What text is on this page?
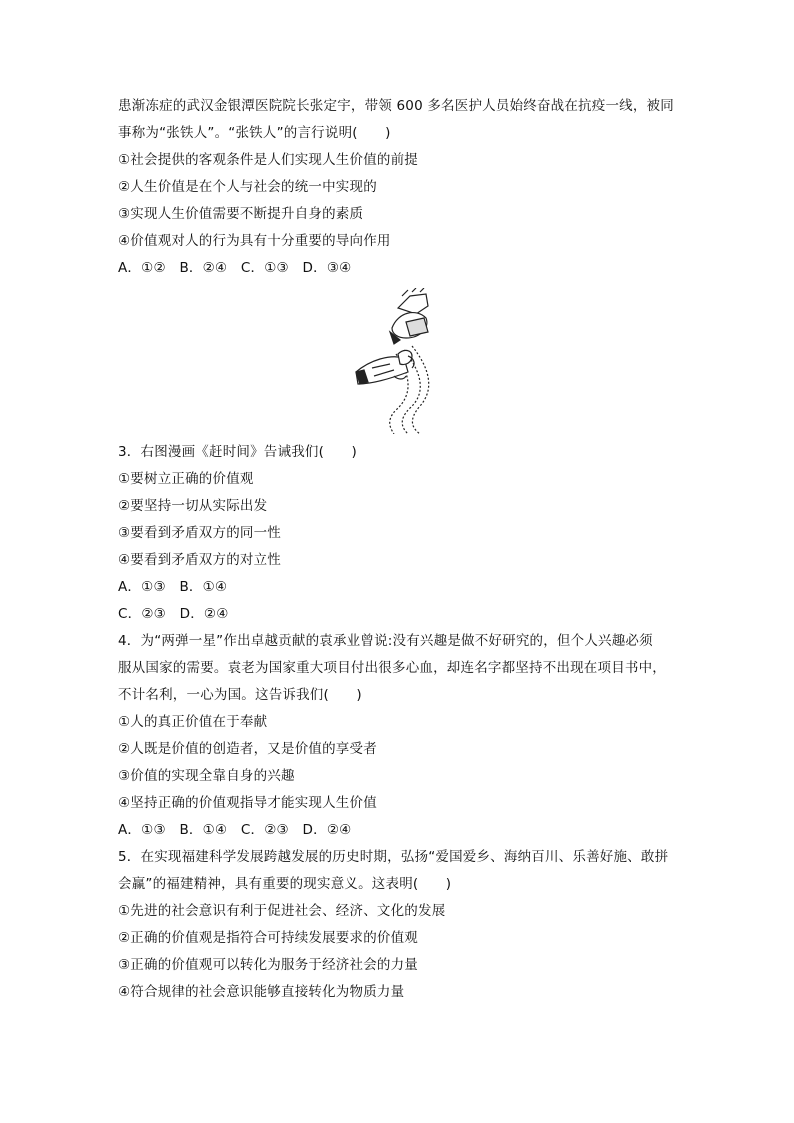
患渐冻症的武汉金银潭医院院长张定宇，带领 600 多名医护人员始终奋战在抗疫一线，被同
事称为“张铁人”。“张铁人”的言行说明(　　)
①社会提供的客观条件是人们实现人生价值的前提
②人生价值是在个人与社会的统一中实现的
③实现人生价值需要不断提升自身的素质
④价值观对人的行为具有十分重要的导向作用
A．①②　B．②④　C．①③　D．③④
3．右图漫画《赶时间》告诫我们(　　)
①要树立正确的价值观
②要坚持一切从实际出发
③要看到矛盾双方的同一性
④要看到矛盾双方的对立性
A．①③　B．①④
C．②③　D．②④
4．为“两弹一星”作出卓越贡献的袁承业曾说:没有兴趣是做不好研究的，但个人兴趣必须
服从国家的需要。袁老为国家重大项目付出很多心血，却连名字都坚持不出现在项目书中，
不计名利，一心为国。这告诉我们(　　)
①人的真正价值在于奉献
②人既是价值的创造者，又是价值的享受者
③价值的实现全靠自身的兴趣
④坚持正确的价值观指导才能实现人生价值
A．①③　B．①④　C．②③　D．②④
5．在实现福建科学发展跨越发展的历史时期，弘扬“爱国爱乡、海纳百川、乐善好施、敢拼
会赢”的福建精神，具有重要的现实意义。这表明(　　)
①先进的社会意识有利于促进社会、经济、文化的发展
②正确的价值观是指符合可持续发展要求的价值观
③正确的价值观可以转化为服务于经济社会的力量
④符合规律的社会意识能够直接转化为物质力量
